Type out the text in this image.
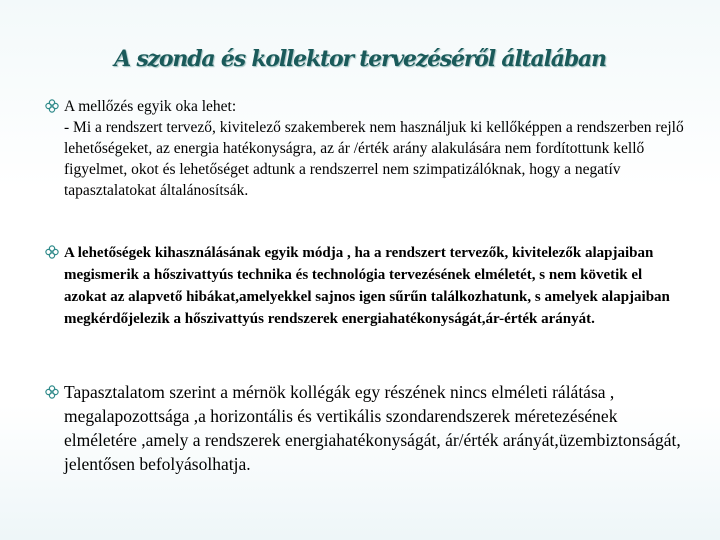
A szonda és kollektor tervezéséről általában
A mellőzés egyik oka lehet:
- Mi a rendszert tervező, kivitelező szakemberek nem használjuk ki kellőképpen a rendszerben rejlő lehetőségeket, az energia hatékonyságra, az ár /érték arány alakulására nem fordítottunk kellő figyelmet, okot és lehetőséget adtunk a rendszerrel nem szimpatizálóknak, hogy a negatív tapasztalatokat általánosítsák.
A lehetőségek kihasználásának egyik módja , ha a rendszert tervezők, kivitelezők alapjaiban megismerik a hőszivattyús technika és technológia tervezésének elméletét, s nem követik el azokat az alapvető hibákat,amelyekkel sajnos igen sűrűn találkozhatunk, s amelyek alapjaiban megkérdőjelezik a hőszivattyús rendszerek energiahatékonyságát,ár-érték arányát.
Tapasztalatom szerint a mérnök kollégák egy részének nincs elméleti rálátása , megalapozottsága ,a horizontális és vertikális szondarendszerek méretezésének elméletére ,amely a rendszerek energiahatékonyságát, ár/érték arányát,üzembiztonságát, jelentősen befolyásolhatja.
